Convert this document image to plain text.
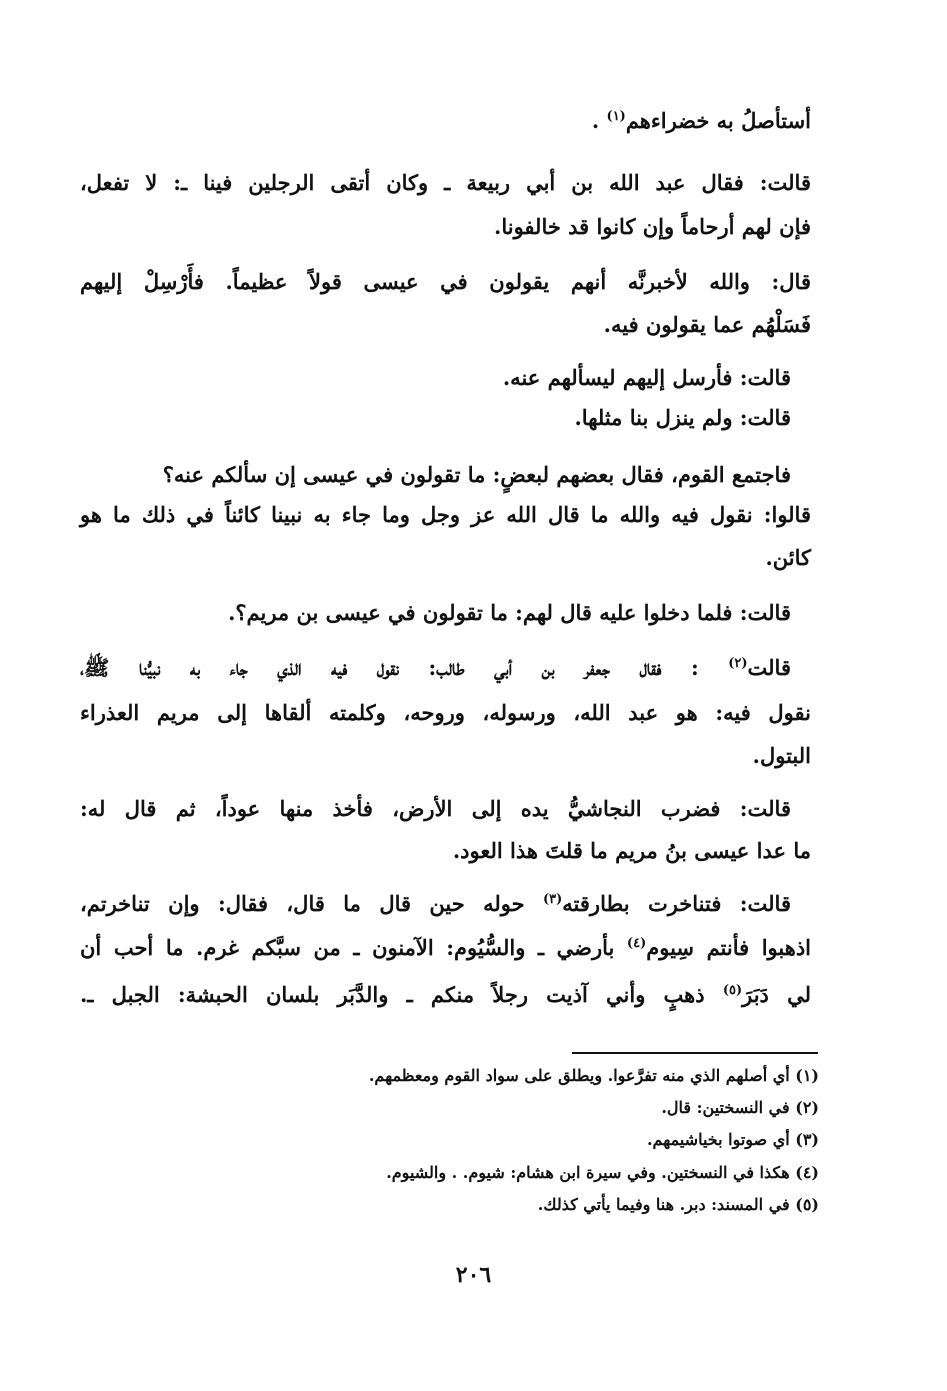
أستأصلُ به خضراءهم$^{(١)}$ .
قالت: فقال عبد الله بن أبي ربيعة ـ وكان أتقى الرجلين فينا ـ: لا تفعل،
فإن لهم أرحاماً وإن كانوا قد خالفونا.
قال: والله لأخبرنَّه أنهم يقولون في عيسى قولاً عظيماً. فأَرْسِلْ إليهم
فَسَلْهُم عما يقولون فيه.
قالت: فأرسل إليهم ليسألهم عنه.
قالت: ولم ينزل بنا مثلها.
فاجتمع القوم، فقال بعضهم لبعضٍ: ما تقولون في عيسى إن سألكم عنه؟
قالوا: نقول فيه والله ما قال الله عز وجل وما جاء به نبينا كائناً في ذلك ما هو
كائن.
قالت: فلما دخلوا عليه قال لهم: ما تقولون في عيسى بن مريم؟.
قالت$^{(٢)}$ : فقال جعفر بن أبي طالب: نقول فيه الذي جاء به نبيُّنا ﷺ،
نقول فيه: هو عبد الله، ورسوله، وروحه، وكلمته ألقاها إلى مريم العذراء
البتول.
قالت: فضرب النجاشيُّ يده إلى الأرض، فأخذ منها عوداً، ثم قال له:
ما عدا عيسى بنُ مريم ما قلتَ هذا العود.
قالت: فتناخرت بطارقته$^{(٣)}$ حوله حين قال ما قال، فقال: وإن تناخرتم،
اذهبوا فأنتم سِيوم$^{(٤)}$ بأرضي ـ والسُّيُوم: الآمنون ـ من سبَّكم غرم. ما أحب أن
لي دَبَرَ$^{(٥)}$ ذهبٍ وأني آذيت رجلاً منكم ـ والدَّبَر بلسان الحبشة: الجبل ـ.
(١) أي أصلهم الذي منه تفرَّعوا. ويطلق على سواد القوم ومعظمهم.
(٢) في النسختين: قال.
(٣) أي صوتوا بخياشيمهم.
(٤) هكذا في النسختين. وفي سيرة ابن هشام: شيوم. . والشيوم.
(٥) في المسند: دبر. هنا وفيما يأتي كذلك.
٢٠٦
